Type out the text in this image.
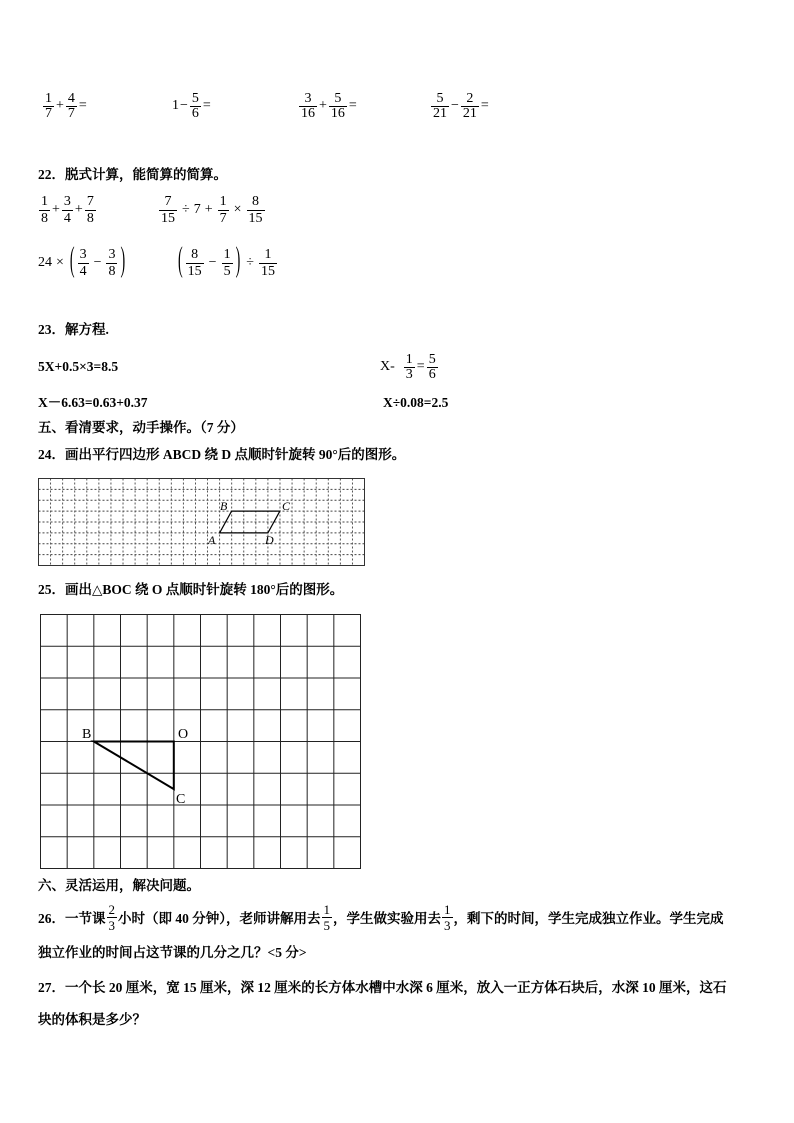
$\frac{1}{7} + \frac{4}{7}$ =	$1 - \frac{5}{6}$ =	$\frac{3}{16} + \frac{5}{16}$ =	$\frac{5}{21} - \frac{2}{21}$ =
22．脱式计算，能简算的简算。
$\frac{1}{8} + \frac{3}{4} + \frac{7}{8}$	$\frac{7}{15} \div 7 + \frac{1}{7} \times \frac{8}{15}$
24 × ( $\frac{3}{4} - \frac{3}{8}$ )	( $\frac{8}{15} - \frac{1}{5}$ ) ÷ $\frac{1}{15}$
23．解方程.
5X+0.5×3=8.5	$X- \frac{1}{3} = \frac{5}{6}$
X－6.63=0.63+0.37	X÷0.08=2.5
五、看清要求，动手操作。（7 分）
24．画出平行四边形 ABCD 绕 D 点顺时针旋转 90°后的图形。
B	C
A	D
25．画出△BOC 绕 O 点顺时针旋转 180°后的图形。
B	O
C
六、灵活运用，解决问题。
26．一节课 $\frac{2}{3}$ 小时（即 40 分钟），老师讲解用去 $\frac{1}{5}$ ，学生做实验用去 $\frac{1}{3}$ ，剩下的时间，学生完成独立作业。学生完成
独立作业的时间占这节课的几分之几？<5 分>
27．一个长 20 厘米，宽 15 厘米，深 12 厘米的长方体水槽中水深 6 厘米，放入一正方体石块后，水深 10 厘米，这石
块的体积是多少？
